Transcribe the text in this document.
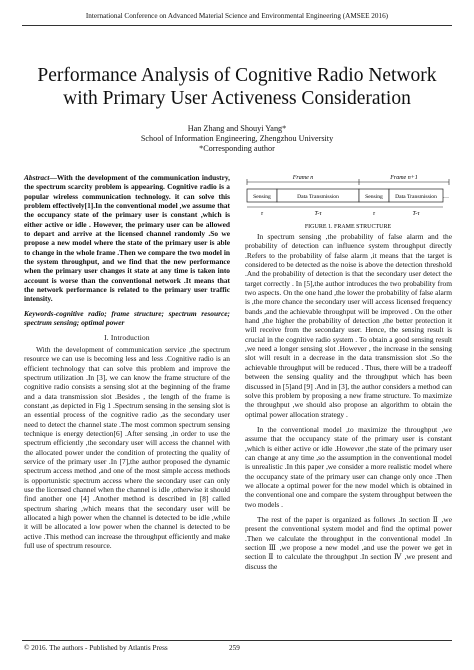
International Conference on Advanced Material Science and Environmental Engineering (AMSEE 2016)
Performance Analysis of Cognitive Radio Network
with Primary User Activeness Consideration
Han Zhang and Shouyi Yang*
School of Information Engineering, Zhengzhou University
*Corresponding author

Abstract—With the development of the communication industry, the spectrum scarcity problem is appearing. Cognitive radio is a popular wireless communication technology. it can solve this problem effectively[1].In the conventional model ,we assume that the occupancy state of the primary user is constant ,which is either active or idle . However, the primary user can be allowed to depart and arrive at the licensed channel randomly .So we propose a new model where the state of the primary user is able to change in the whole frame .Then we compare the two model in the system throughput, and we find that the new performance when the primary user changes it state at any time is taken into account is worse than the conventional network .It means that the network performance is related to the primary user traffic intensity.

Keywords-cognitive radio; frame structure; spectrum resource; spectrum sensing; optimal power

I. Introduction

With the development of communication service ,the spectrum resource we can use is becoming less and less .Cognitive radio is an efficient technology that can solve this problem and improve the spectrum utilization .In [3], we can know the frame structure of the cognitive radio consists a sensing slot at the beginning of the frame and a data transmission slot .Besides , the length of the frame is constant ,as depicted in Fig 1 .Spectrum sensing in the sensing slot is an essential process of the cognitive radio ,as the secondary user need to detect the channel state .The most common spectrum sensing technique is energy detection[6] .After sensing ,in order to use the spectrum efficiently ,the secondary user will access the channel with the allocated power under the condition of protecting the quality of service of the primary user .In [7],the author proposed the dynamic spectrum access method ,and one of the most simple access methods is opportunistic spectrum access where the secondary user can only use the licensed channel when the channel is idle ,otherwise it should find another one [4] .Another method is described in [8] called spectrum sharing ,which means that the secondary user will be allocated a high power when the channel is detected to be idle ,while it will be allocated a low power when the channel is detected to be active .This method can increase the throughput efficiently and make full use of spectrum resource.

Frame n	Frame n+1
Sensing	Data Transmission	Sensing Data Transmission …
τ	T-τ	τ	T-τ
FIGURE 1. FRAME STRUCTURE

In spectrum sensing ,the probability of false alarm and the probability of detection can influence system throughput directly .Refers to the probability of false alarm ,it means that the target is considered to be detected as the noise is above the detection threshold .And the probability of detection is that the secondary user detect the target correctly . In [5],the author introduces the two probability from two aspects. On the one hand ,the lower the probability of false alarm is ,the more chance the secondary user will access licensed frequency bands ,and the achievable throughput will be improved . On the other hand ,the higher the probability of detection ,the better protection it will receive from the secondary user. Hence, the sensing result is crucial in the cognitive radio system . To obtain a good sensing result ,we need a longer sensing slot .However , the increase in the sensing slot will result in a decrease in the data transmission slot .So the achievable throughput will be reduced . Thus, there will be a tradeoff between the sensing quality and the throughput which has been discussed in [5]and [9] .And in [3], the author considers a method can solve this problem by proposing a new frame structure. To maximize the throughput ,we should also propose an algorithm to obtain the optimal power allocation strategy .

In the conventional model ,to maximize the throughput ,we assume that the occupancy state of the primary user is constant ,which is either active or idle .However ,the state of the primary user can change at any time ,so the assumption in the conventional model is unrealistic .In this paper ,we consider a more realistic model where the occupancy state of the primary user can change only once .Then we allocate a optimal power for the new model which is obtained in the conventional one and compare the system throughput between the two models .

The rest of the paper is organized as follows .In section Ⅱ ,we present the conventional system model and find the optimal power .Then we calculate the throughput in the conventional model .In section Ⅲ ,we propose a new model ,and use the power we get in section Ⅱ to calculate the throughput .In section Ⅳ ,we present and discuss the

© 2016. The authors - Published by Atlantis Press	259
